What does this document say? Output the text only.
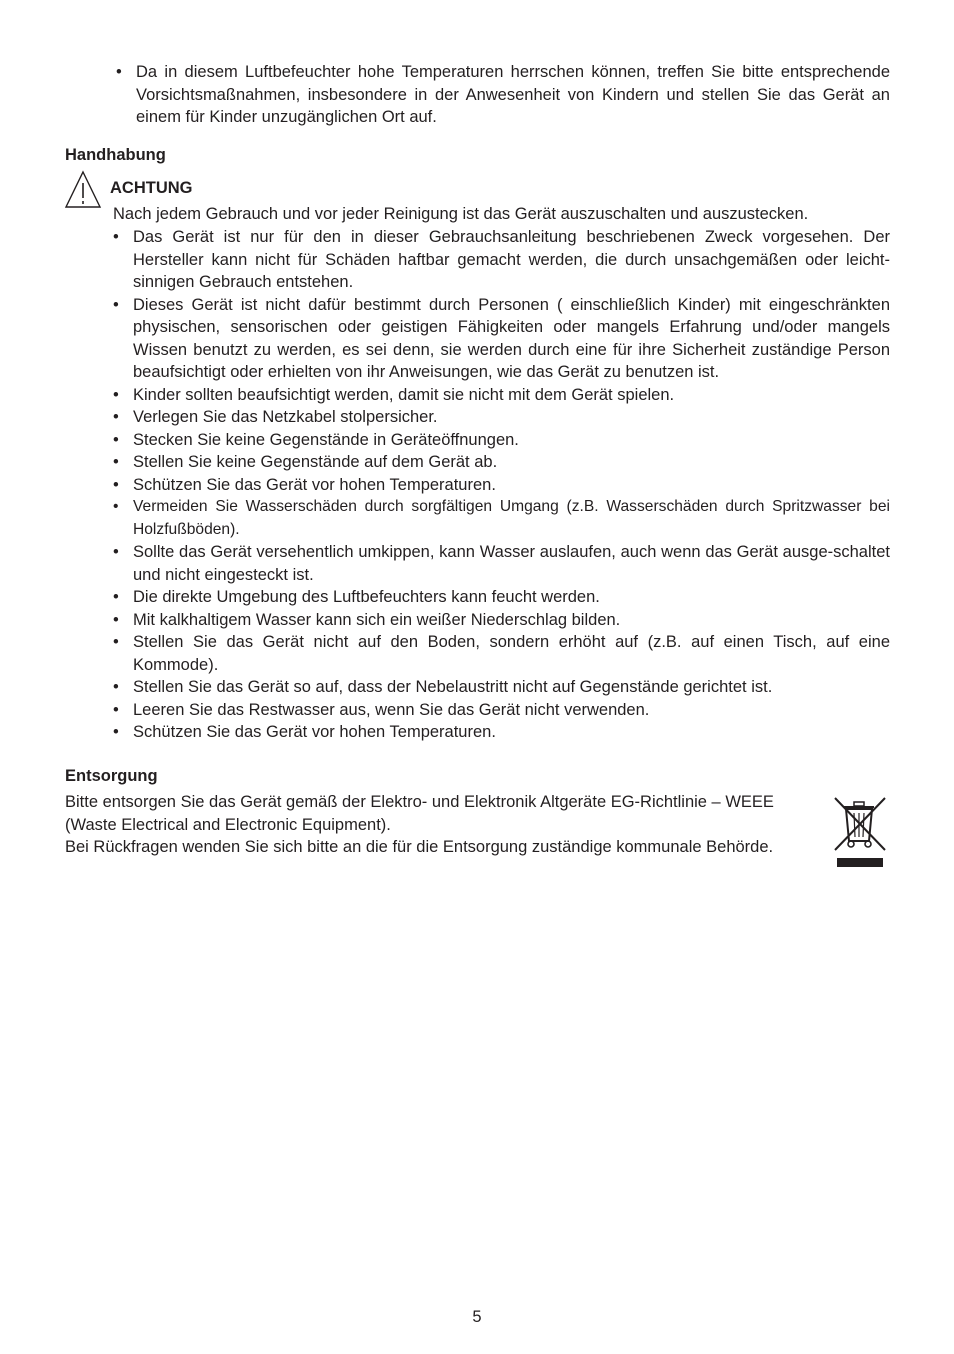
• Da in diesem Luftbefeuchter hohe Temperaturen herrschen können, treffen Sie bitte entsprechende Vorsichtsmaßnahmen, insbesondere in der Anwesenheit von Kindern und stellen Sie das Gerät an einem für Kinder unzugänglichen Ort auf.
Handhabung
ACHTUNG
Nach jedem Gebrauch und vor jeder Reinigung ist das Gerät auszuschalten und auszustecken.
• Das Gerät ist nur für den in dieser Gebrauchsanleitung beschriebenen Zweck vorgesehen. Der Hersteller kann nicht für Schäden haftbar gemacht werden, die durch unsachgemäßen oder leicht-sinnigen Gebrauch entstehen.
• Dieses Gerät ist nicht dafür bestimmt durch Personen ( einschließlich Kinder) mit eingeschränkten physischen, sensorischen oder geistigen Fähigkeiten oder mangels Erfahrung und/oder mangels Wissen benutzt zu werden, es sei denn, sie werden durch eine für ihre Sicherheit zuständige Person beaufsichtigt oder erhielten von ihr Anweisungen, wie das Gerät zu benutzen ist.
• Kinder sollten beaufsichtigt werden, damit sie nicht mit dem Gerät spielen.
• Verlegen Sie das Netzkabel stolpersicher.
• Stecken Sie keine Gegenstände in Geräteöffnungen.
• Stellen Sie keine Gegenstände auf dem Gerät ab.
• Schützen Sie das Gerät vor hohen Temperaturen.
• Vermeiden Sie Wasserschäden durch sorgfältigen Umgang (z.B. Wasserschäden durch Spritzwasser bei Holzfußböden).
• Sollte das Gerät versehentlich umkippen, kann Wasser auslaufen, auch wenn das Gerät ausge-schaltet und nicht eingesteckt ist.
• Die direkte Umgebung des Luftbefeuchters kann feucht werden.
• Mit kalkhaltigem Wasser kann sich ein weißer Niederschlag bilden.
• Stellen Sie das Gerät nicht auf den Boden, sondern erhöht auf (z.B. auf einen Tisch, auf eine Kommode).
• Stellen Sie das Gerät so auf, dass der Nebelaustritt nicht auf Gegenstände gerichtet ist.
• Leeren Sie das Restwasser aus, wenn Sie das Gerät nicht verwenden.
• Schützen Sie das Gerät vor hohen Temperaturen.
Entsorgung

Bitte entsorgen Sie das Gerät gemäß der Elektro- und Elektronik Altgeräte EG-Richtlinie – WEEE (Waste Electrical and Electronic Equipment).

Bei Rückfragen wenden Sie sich bitte an die für die Entsorgung zuständige kommunale Behörde.

5
